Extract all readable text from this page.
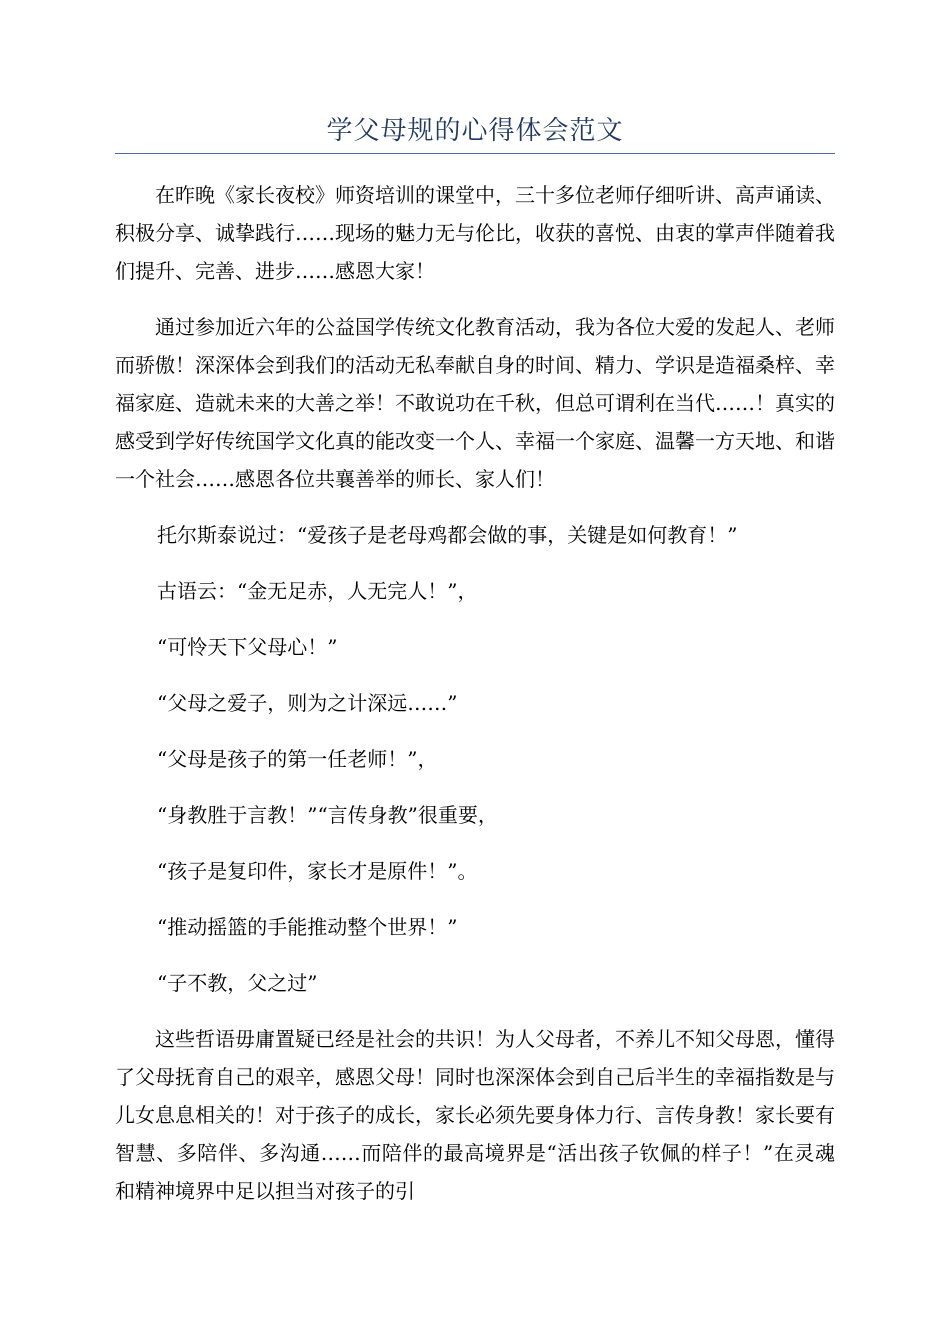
学父母规的心得体会范文

在昨晚《家长夜校》师资培训的课堂中，三十多位老师仔细听讲、高声诵读、积极分享、诚挚践行……现场的魅力无与伦比，收获的喜悦、由衷的掌声伴随着我们提升、完善、进步……感恩大家！

通过参加近六年的公益国学传统文化教育活动，我为各位大爱的发起人、老师而骄傲！深深体会到我们的活动无私奉献自身的时间、精力、学识是造福桑梓、幸福家庭、造就未来的大善之举！不敢说功在千秋，但总可谓利在当代……！真实的感受到学好传统国学文化真的能改变一个人、幸福一个家庭、温馨一方天地、和谐一个社会……感恩各位共襄善举的师长、家人们！

托尔斯泰说过：“爱孩子是老母鸡都会做的事，关键是如何教育！”

古语云：“金无足赤，人无完人！”，

“可怜天下父母心！”

“父母之爱子，则为之计深远……”

“父母是孩子的第一任老师！”，

“身教胜于言教！”“言传身教”很重要，

“孩子是复印件，家长才是原件！”。

“推动摇篮的手能推动整个世界！”

“子不教，父之过”

这些哲语毋庸置疑已经是社会的共识！为人父母者，不养儿不知父母恩，懂得了父母抚育自己的艰辛，感恩父母！同时也深深体会到自己后半生的幸福指数是与儿女息息相关的！对于孩子的成长，家长必须先要身体力行、言传身教！家长要有智慧、多陪伴、多沟通……而陪伴的最高境界是“活出孩子钦佩的样子！”在灵魂和精神境界中足以担当对孩子的引
